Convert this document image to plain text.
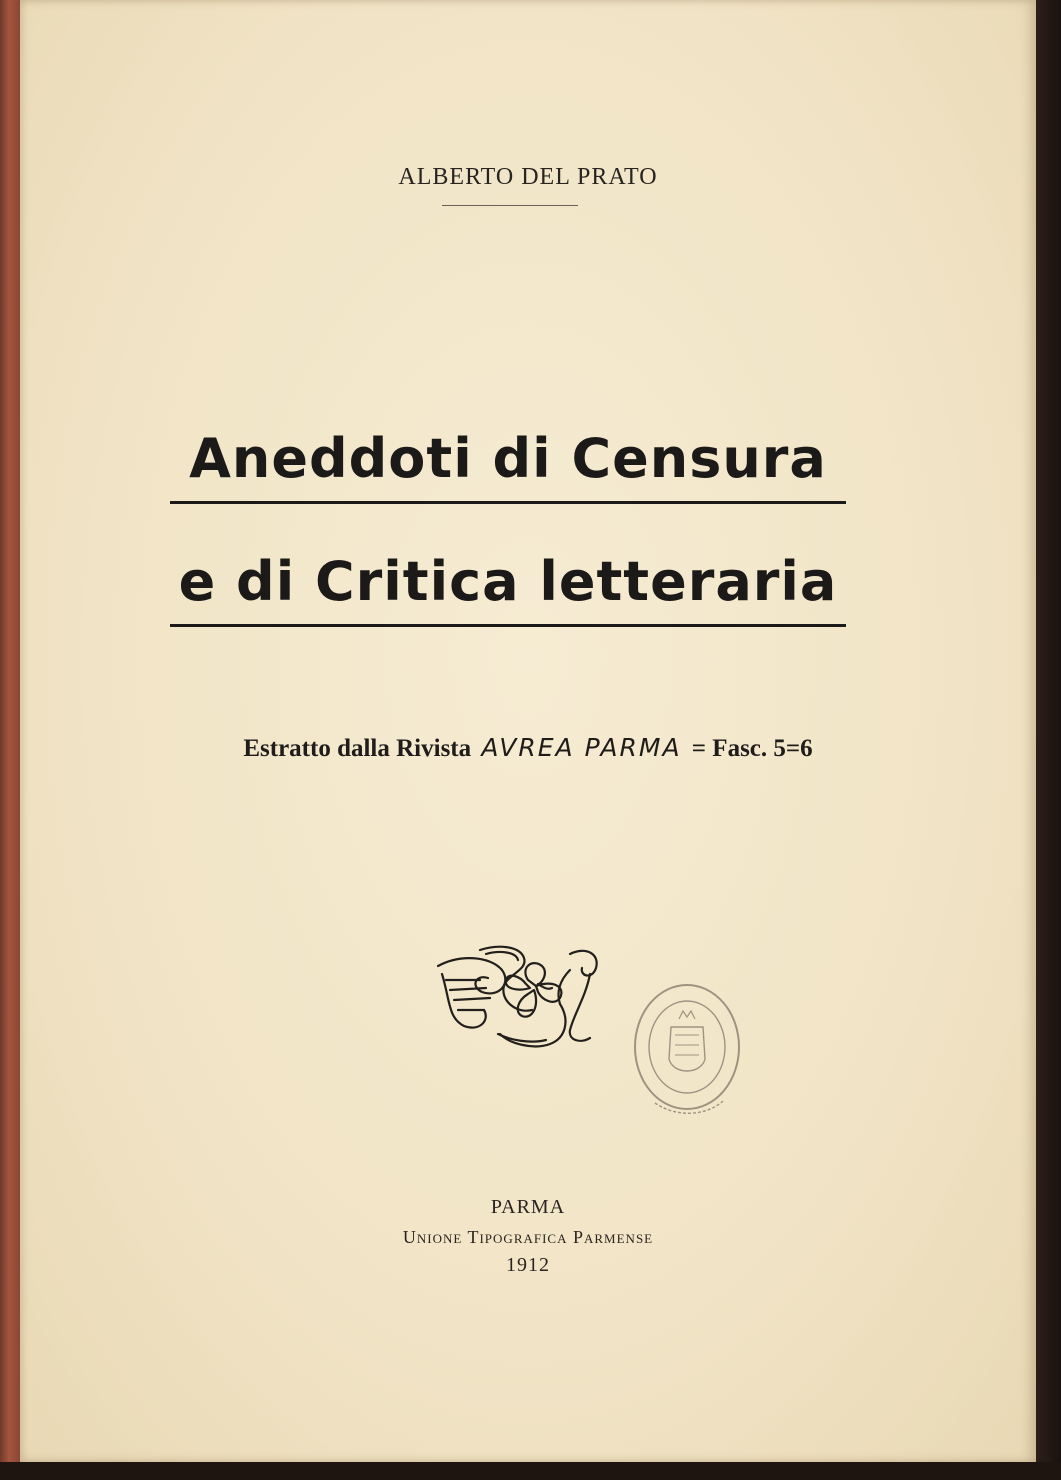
ALBERTO DEL PRATO
Aneddoti di Censura
e di Critica letteraria
Estratto dalla Rivista AVREA PARMA = Fasc. 5=6
PARMA
Unione Tipografica Parmense
1912
